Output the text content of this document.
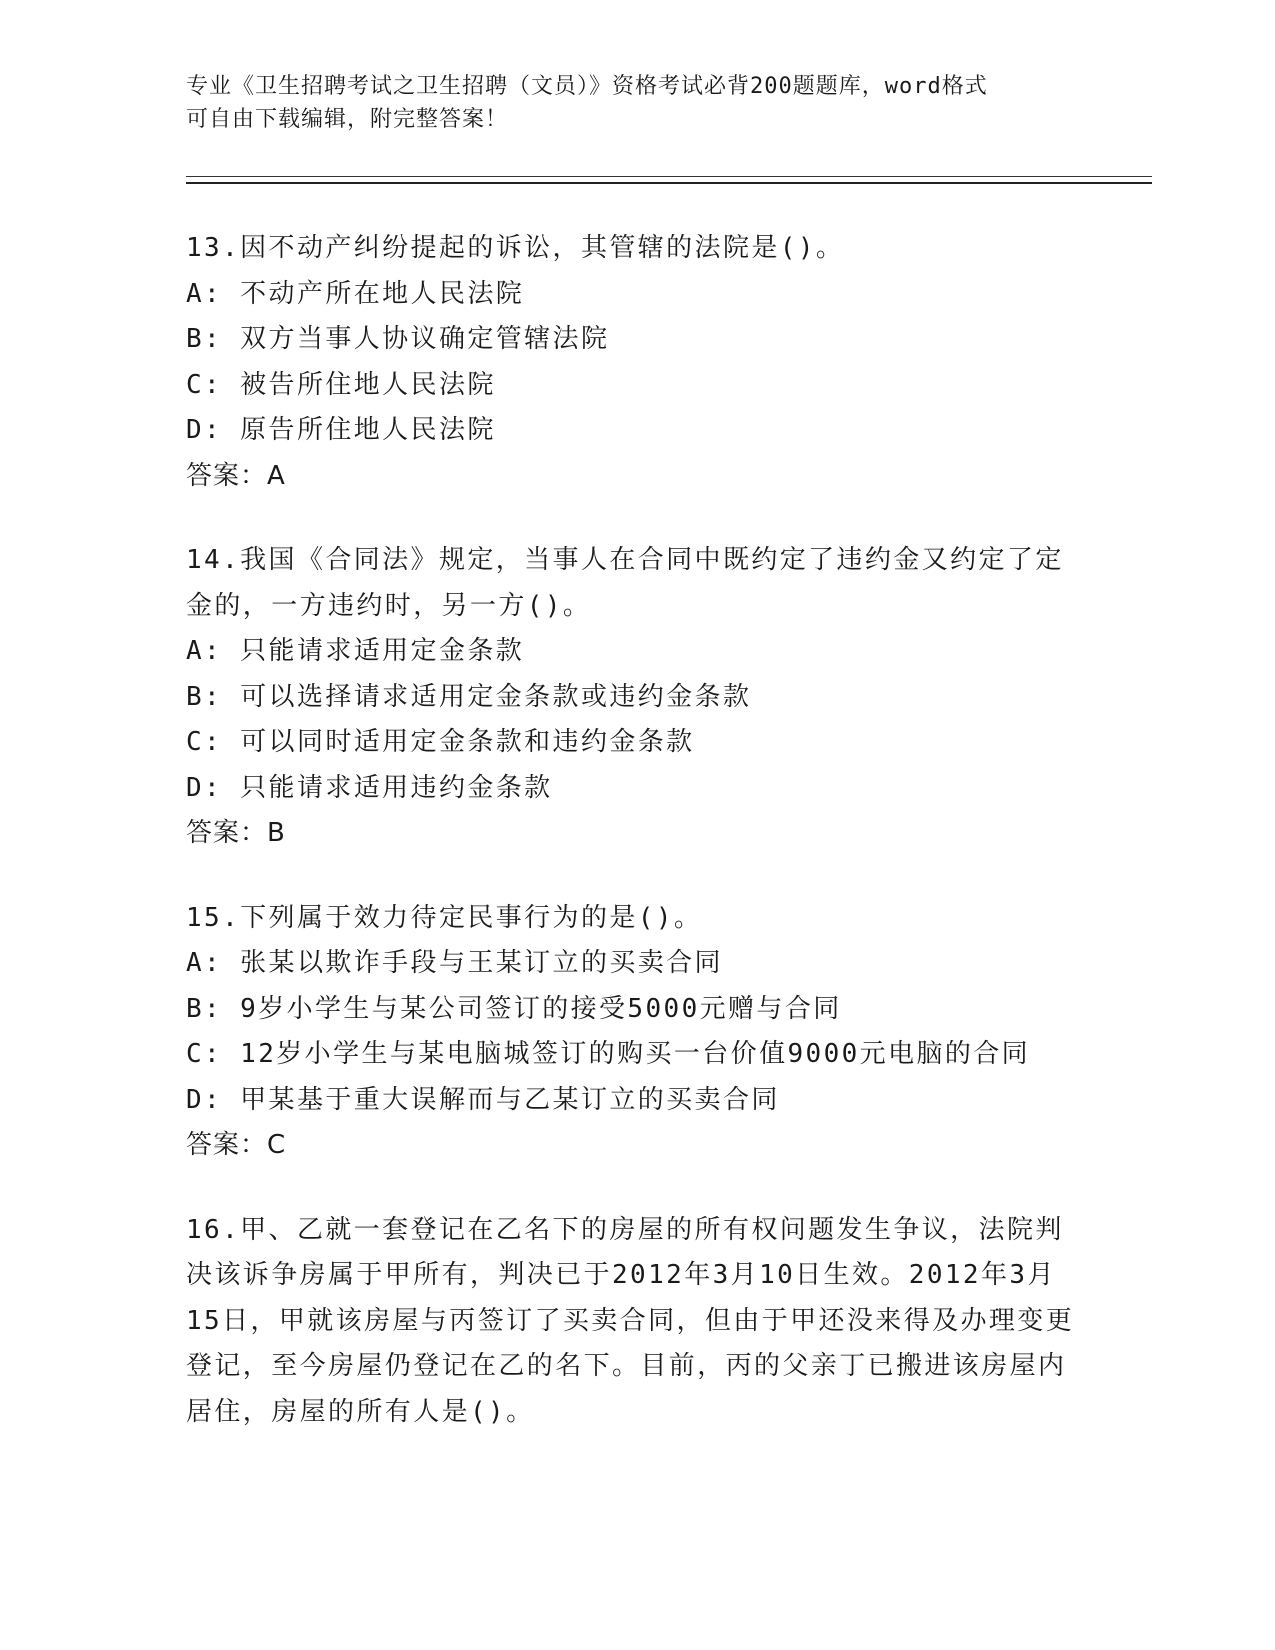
专业《卫生招聘考试之卫生招聘（文员）》资格考试必背200题题库，word格式
可自由下载编辑，附完整答案！
13.因不动产纠纷提起的诉讼，其管辖的法院是()。
A: 不动产所在地人民法院
B: 双方当事人协议确定管辖法院
C: 被告所住地人民法院
D: 原告所住地人民法院
答案：A
14.我国《合同法》规定，当事人在合同中既约定了违约金又约定了定金的，一方违约时，另一方()。
A: 只能请求适用定金条款
B: 可以选择请求适用定金条款或违约金条款
C: 可以同时适用定金条款和违约金条款
D: 只能请求适用违约金条款
答案：B
15.下列属于效力待定民事行为的是()。
A: 张某以欺诈手段与王某订立的买卖合同
B: 9岁小学生与某公司签订的接受5000元赠与合同
C: 12岁小学生与某电脑城签订的购买一台价值9000元电脑的合同
D: 甲某基于重大误解而与乙某订立的买卖合同
答案：C
16.甲、乙就一套登记在乙名下的房屋的所有权问题发生争议，法院判决该诉争房属于甲所有，判决已于2012年3月10日生效。2012年3月15日，甲就该房屋与丙签订了买卖合同，但由于甲还没来得及办理变更登记，至今房屋仍登记在乙的名下。目前，丙的父亲丁已搬进该房屋内居住，房屋的所有人是()。
